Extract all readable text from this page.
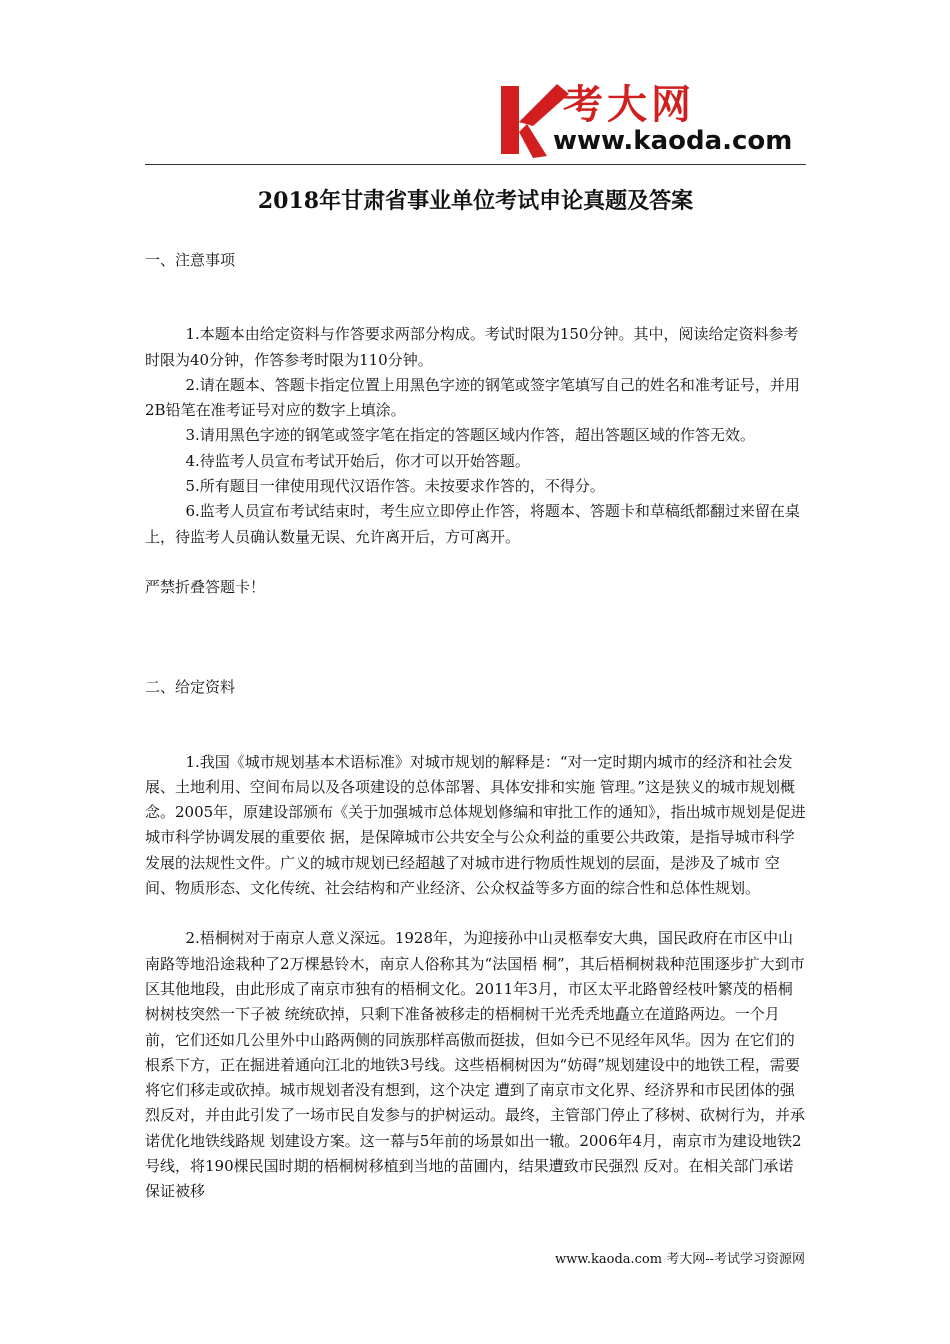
考大网
www.kaoda.com
2018年甘肃省事业单位考试申论真题及答案

一、注意事项

1.本题本由给定资料与作答要求两部分构成。考试时限为150分钟。其中，阅读给定资料参考时限为40分钟，作答参考时限为110分钟。

2.请在题本、答题卡指定位置上用黑色字迹的钢笔或签字笔填写自己的姓名和准考证号，并用2B铅笔在准考证号对应的数字上填涂。

3.请用黑色字迹的钢笔或签字笔在指定的答题区域内作答，超出答题区域的作答无效。

4.待监考人员宣布考试开始后，你才可以开始答题。

5.所有题目一律使用现代汉语作答。未按要求作答的，不得分。

6.监考人员宣布考试结束时，考生应立即停止作答，将题本、答题卡和草稿纸都翻过来留在桌上，待监考人员确认数量无误、允许离开后，方可离开。

严禁折叠答题卡！

二、给定资料

1.我国《城市规划基本术语标准》对城市规划的解释是：“对一定时期内城市的经济和社会发展、土地利用、空间布局以及各项建设的总体部署、具体安排和实施 管理。”这是狭义的城市规划概念。2005年，原建设部颁布《关于加强城市总体规划修编和审批工作的通知》，指出城市规划是促进城市科学协调发展的重要依 据，是保障城市公共安全与公众利益的重要公共政策，是指导城市科学发展的法规性文件。广义的城市规划已经超越了对城市进行物质性规划的层面，是涉及了城市 空间、物质形态、文化传统、社会结构和产业经济、公众权益等多方面的综合性和总体性规划。

2.梧桐树对于南京人意义深远。1928年，为迎接孙中山灵柩奉安大典，国民政府在市区中山南路等地沿途栽种了2万棵悬铃木，南京人俗称其为“法国梧 桐”，其后梧桐树栽种范围逐步扩大到市区其他地段，由此形成了南京市独有的梧桐文化。2011年3月，市区太平北路曾经枝叶繁茂的梧桐树树枝突然一下子被 统统砍掉，只剩下准备被移走的梧桐树干光秃秃地矗立在道路两边。一个月前，它们还如几公里外中山路两侧的同族那样高傲而挺拔，但如今已不见经年风华。因为 在它们的根系下方，正在掘进着通向江北的地铁3号线。这些梧桐树因为“妨碍”规划建设中的地铁工程，需要将它们移走或砍掉。城市规划者没有想到，这个决定 遭到了南京市文化界、经济界和市民团体的强烈反对，并由此引发了一场市民自发参与的护树运动。最终，主管部门停止了移树、砍树行为，并承诺优化地铁线路规 划建设方案。这一幕与5年前的场景如出一辙。2006年4月，南京市为建设地铁2号线，将190棵民国时期的梧桐树移植到当地的苗圃内，结果遭致市民强烈 反对。在相关部门承诺保证被移

www.kaoda.com 考大网--考试学习资源网
